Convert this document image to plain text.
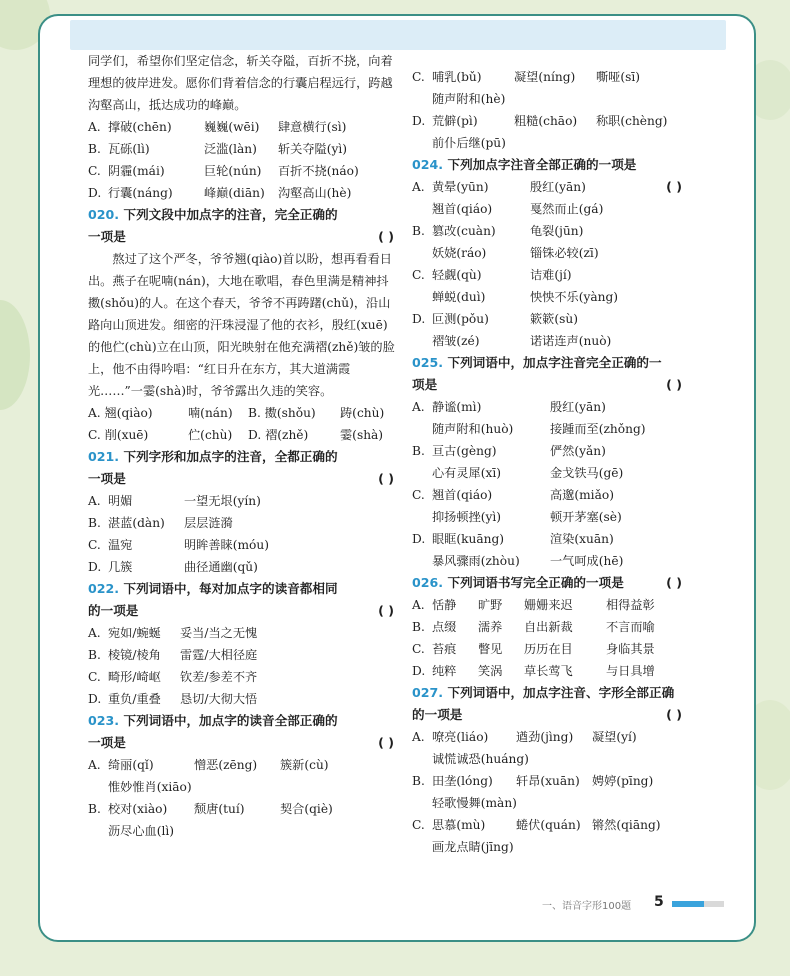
同学们，希望你们坚定信念，斩关夺隘，百折不挠，向着理想的彼岸进发。愿你们背着信念的行囊启程远行，跨越沟壑高山，抵达成功的峰巅。

A. 撑破(chēn)	巍巍(wēi) 肆意横行(sì)
B. 瓦砾(lì)	泛滥(làn) 斩关夺隘(yì)
C. 阴霾(mái)	巨轮(nún) 百折不挠(náo)
D. 行囊(náng)	峰巅(diān) 沟壑高山(hè)
020. 下列文段中加点字的注音，完全正确的
一项是	( )

熬过了这个严冬，爷爷翘(qiào)首以盼，想再看看日出。燕子在呢喃(nán)，大地在歌唱，春色里满是精神抖擞(shǒu)的人。在这个春天，爷爷不再踌躇(chǔ)，沿山路向山顶进发。细密的汗珠浸湿了他的衣衫，殷红(xuē)的他伫(chù)立在山顶，阳光映射在他充满褶(zhě)皱的脸上，他不由得吟唱：“红日升在东方，其大道满霞光……”一霎(shà)时，爷爷露出久违的笑容。

A. 翘(qiào)	喃(nán) B. 擞(shǒu) 踌(chù)
C. 削(xuē)	伫(chù) D. 褶(zhě)	霎(shà)
021. 下列字形和加点字的注音，全都正确的
一项是	( )
A. 明媚	一望无垠(yín)
B. 湛蓝(dàn) 层层涟漪
C. 温宛	明眸善睐(móu)
D. 几簇	曲径通幽(qǔ)
022. 下列词语中，每对加点字的读音都相同
的一项是	( )
A. 宛如/蜿蜒 妥当/当之无愧
B. 棱镜/棱角 雷霆/大相径庭
C. 畸形/崎岖 钦差/参差不齐
D. 重负/重叠 恳切/大彻大悟
023. 下列词语中，加点字的读音全部正确的
一项是	( )
A. 绮丽(qǐ)	憎恶(zēng) 簇新(cù)
惟妙惟肖(xiāo)
B. 校对(xiào) 颓唐(tuí)	契合(qiè)
沥尽心血(lì)
C. 哺乳(bǔ)	凝望(níng) 嘶哑(sī)
随声附和(hè)
D. 荒僻(pì)	粗糙(chāo) 称职(chèng)
前仆后继(pū)
024. 下列加点字注音全部正确的一项是
( )
A. 黄晕(yūn)	殷红(yān)
翘首(qiáo)	戛然而止(gá)
B. 篡改(cuàn)	龟裂(jūn)
妖娆(ráo)	锱铢必较(zī)
C. 轻觑(qù)	诘难(jí)
蝉蜕(duì)	怏怏不乐(yàng)
D. 叵测(pǒu)	簌簌(sù)
褶皱(zé)	诺诺连声(nuò)
025. 下列词语中，加点字注音完全正确的一
项是	( )
A. 静谧(mì)	殷红(yān)
随声附和(huò)	接踵而至(zhǒng)
B. 亘古(gèng)	俨然(yǎn)
心有灵犀(xī)	金戈铁马(gē)
C. 翘首(qiáo)	高邈(miǎo)
抑扬顿挫(yì)	顿开茅塞(sè)
D. 眼眶(kuāng)	渲染(xuān)
暴风骤雨(zhòu) 一气呵成(hē)
026. 下列词语书写完全正确的一项是	( )
A. 恬静 旷野 姗姗来迟	相得益彰
B. 点缀 濡养 自出新裁	不言而喻
C. 苔痕 瞥见 历历在目	身临其景
D. 纯粹 笑涡 草长莺飞	与日具增
027. 下列词语中，加点字注音、字形全部正确
的一项是	( )
A. 嘹亮(liáo) 遒劲(jìng) 凝望(yí)
诚慌诚恐(huáng)
B. 田垄(lóng) 轩昂(xuān) 娉婷(pīng)
轻歌慢舞(màn)
C. 思慕(mù)	蜷伏(quán) 锵然(qiāng)
画龙点睛(jīng)
一、语音字形100题 5
